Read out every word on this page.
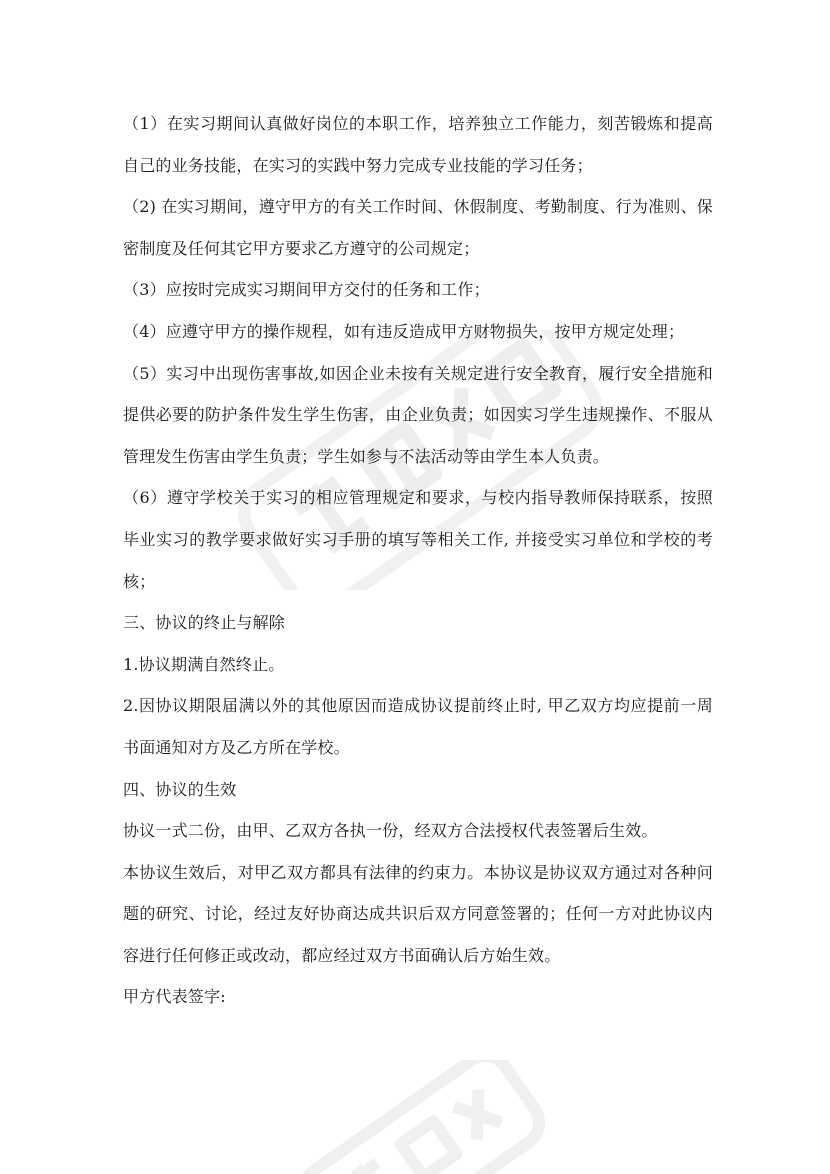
（1）在实习期间认真做好岗位的本职工作，培养独立工作能力，刻苦锻炼和提高自己的业务技能，在实习的实践中努力完成专业技能的学习任务；

（2) 在实习期间，遵守甲方的有关工作时间、休假制度、考勤制度、行为准则、保密制度及任何其它甲方要求乙方遵守的公司规定；

（3）应按时完成实习期间甲方交付的任务和工作；

（4）应遵守甲方的操作规程，如有违反造成甲方财物损失，按甲方规定处理；

（5）实习中出现伤害事故,如因企业未按有关规定进行安全教育，履行安全措施和提供必要的防护条件发生学生伤害，由企业负责；如因实习学生违规操作、不服从管理发生伤害由学生负责；学生如参与不法活动等由学生本人负责。

（6）遵守学校关于实习的相应管理规定和要求，与校内指导教师保持联系，按照毕业实习的教学要求做好实习手册的填写等相关工作, 并接受实习单位和学校的考核；

三、协议的终止与解除

1.协议期满自然终止。

2.因协议期限届满以外的其他原因而造成协议提前终止时, 甲乙双方均应提前一周书面通知对方及乙方所在学校。

四、协议的生效

协议一式二份，由甲、乙双方各执一份，经双方合法授权代表签署后生效。

本协议生效后，对甲乙双方都具有法律的约束力。本协议是协议双方通过对各种问题的研究、讨论，经过友好协商达成共识后双方同意签署的；任何一方对此协议内容进行任何修正或改动，都应经过双方书面确认后方始生效。

甲方代表签字:
